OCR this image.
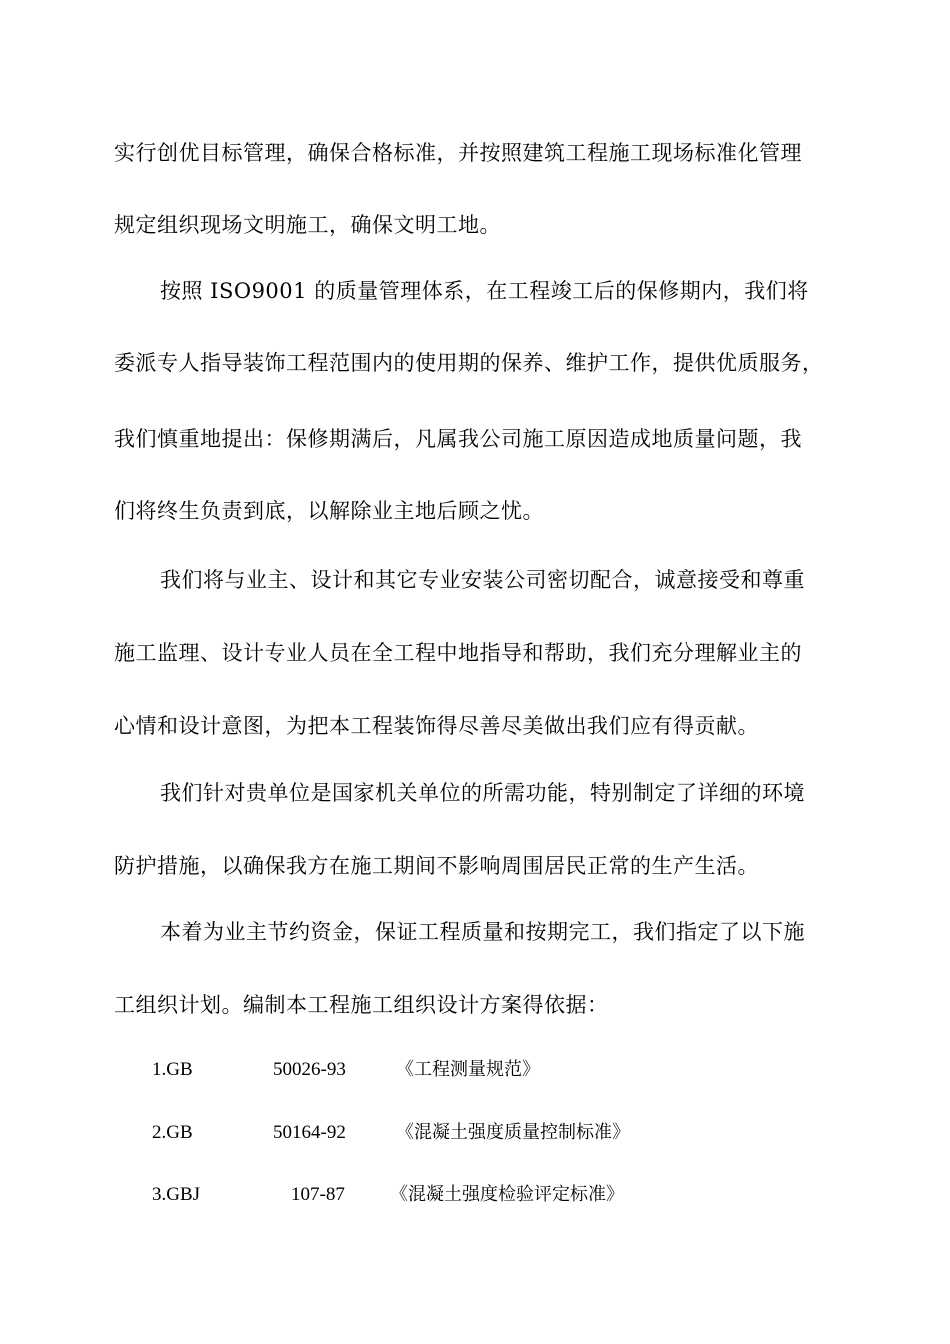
实行创优目标管理，确保合格标准，并按照建筑工程施工现场标准化管理
规定组织现场文明施工，确保文明工地。
按照 ISO9001 的质量管理体系，在工程竣工后的保修期内，我们将
委派专人指导装饰工程范围内的使用期的保养、维护工作，提供优质服务，
我们慎重地提出：保修期满后，凡属我公司施工原因造成地质量问题，我
们将终生负责到底，以解除业主地后顾之忧。
我们将与业主、设计和其它专业安装公司密切配合，诚意接受和尊重
施工监理、设计专业人员在全工程中地指导和帮助，我们充分理解业主的
心情和设计意图，为把本工程装饰得尽善尽美做出我们应有得贡献。
我们针对贵单位是国家机关单位的所需功能，特别制定了详细的环境
防护措施，以确保我方在施工期间不影响周围居民正常的生产生活。
本着为业主节约资金，保证工程质量和按期完工，我们指定了以下施
工组织计划。编制本工程施工组织设计方案得依据：
1.GB	50026-93	《工程测量规范》
2.GB	50164-92	《混凝土强度质量控制标准》
3.GBJ	107-87	《混凝土强度检验评定标准》
